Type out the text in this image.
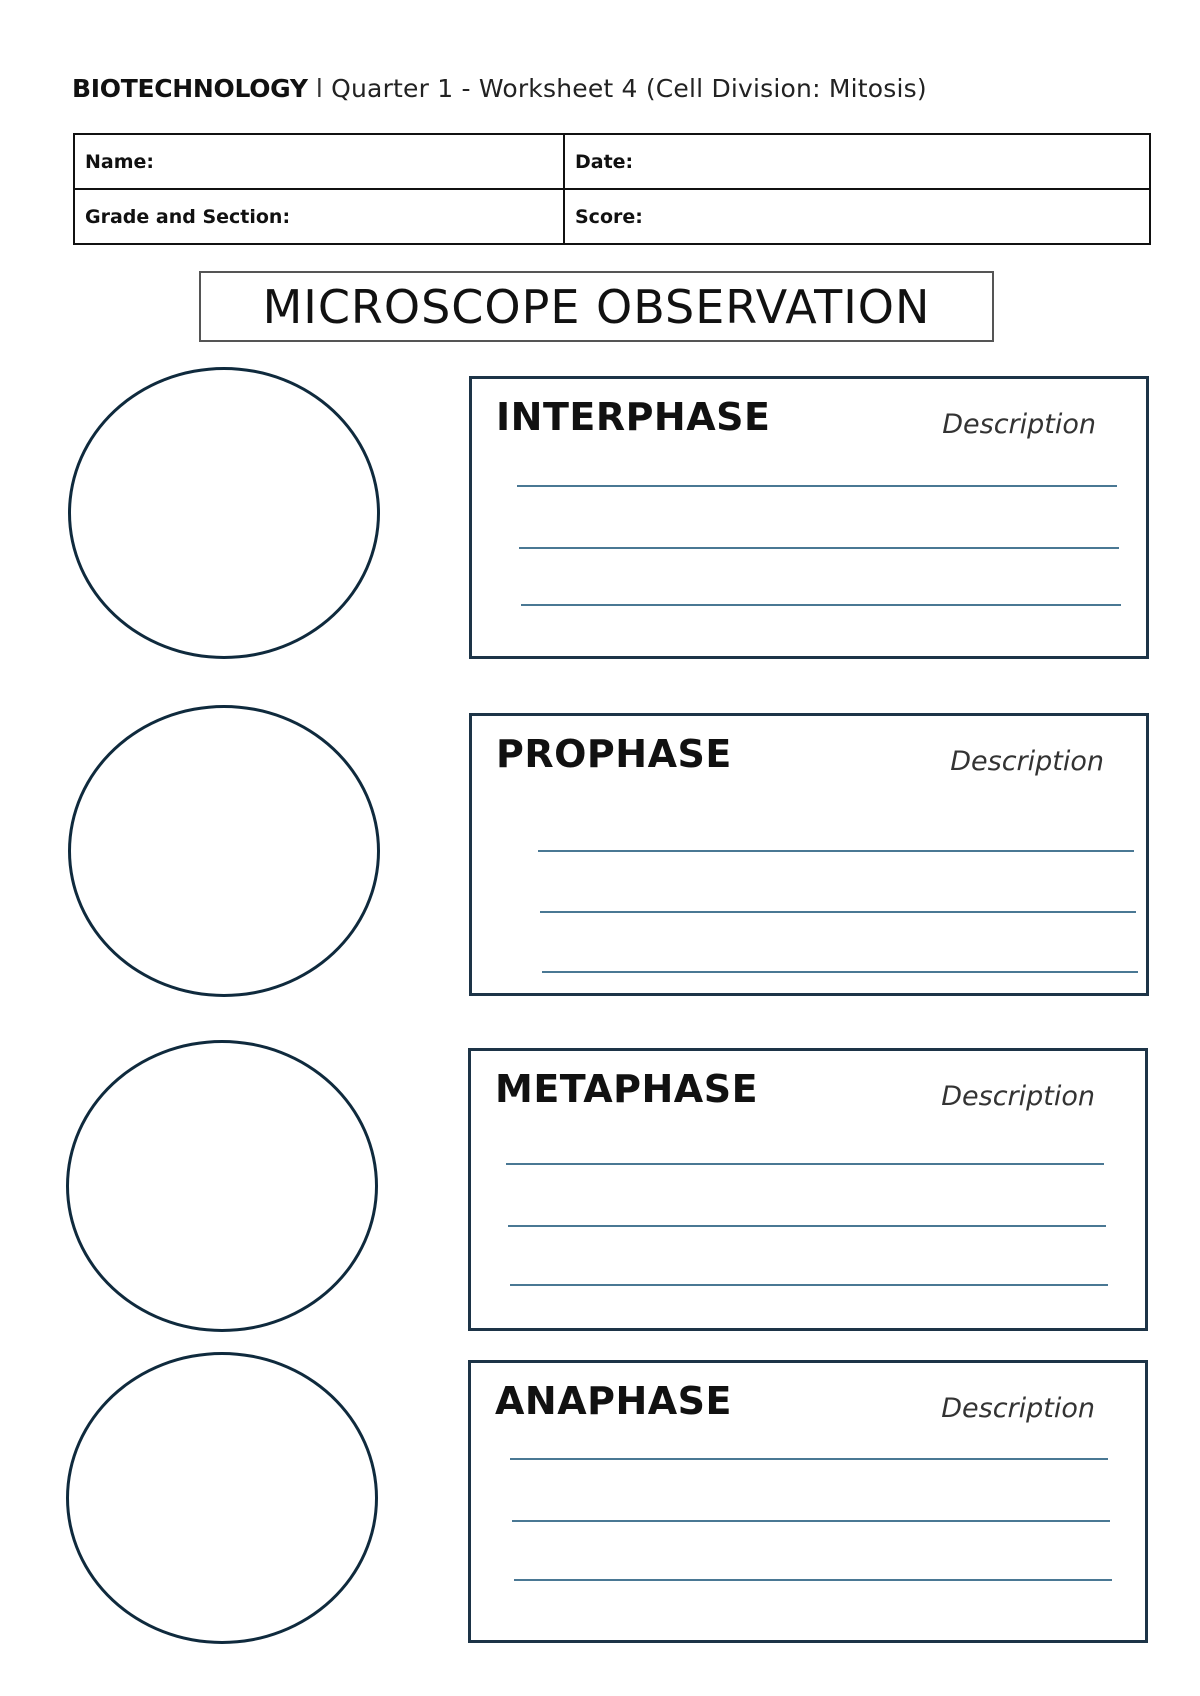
BIOTECHNOLOGY l Quarter 1 - Worksheet 4 (Cell Division: Mitosis)
Name:	Date:
Grade and Section:	Score:
MICROSCOPE OBSERVATION
INTERPHASE	Description
PROPHASE	Description
METAPHASE	Description
ANAPHASE	Description
